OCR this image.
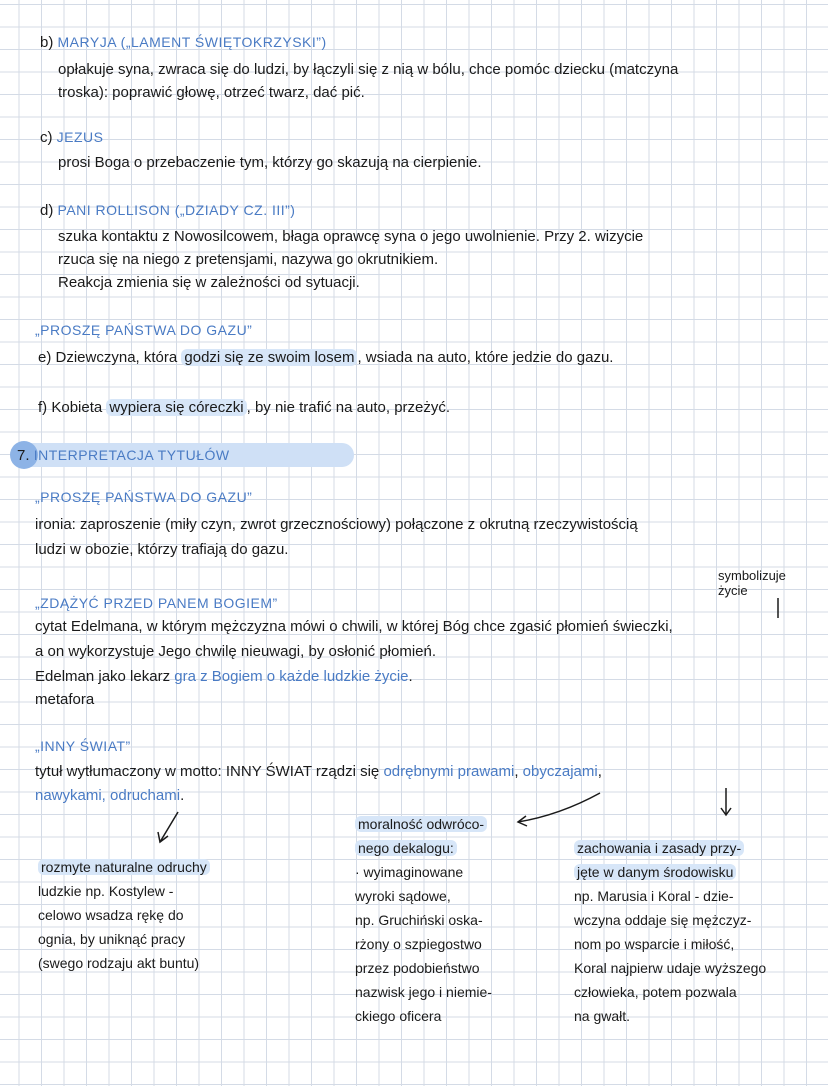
b) MARYJA („LAMENT ŚWIĘTOKRZYSKI”)
opłakuje syna, zwraca się do ludzi, by łączyli się z nią w bólu, chce pomóc dziecku (matczyna
troska): poprawić głowę, otrzeć twarz, dać pić.
c) JEZUS
prosi Boga o przebaczenie tym, którzy go skazują na cierpienie.
d) PANI ROLLISON („DZIADY CZ. III”)
szuka kontaktu z Nowosilcowem, błaga oprawcę syna o jego uwolnienie. Przy 2. wizycie
rzuca się na niego z pretensjami, nazywa go okrutnikiem.
Reakcja zmienia się w zależności od sytuacji.
„PROSZĘ PAŃSTWA DO GAZU”
e) Dziewczyna, która godzi się ze swoim losem , wsiada na auto, które jedzie do gazu.
f) Kobieta wypiera się córeczki , by nie trafić na auto, przeżyć.
7. INTERPRETACJA TYTUŁÓW
„PROSZĘ PAŃSTWA DO GAZU”
ironia: zaproszenie (miły czyn, zwrot grzecznościowy) połączone z okrutną rzeczywistością
ludzi w obozie, którzy trafiają do gazu.
symbolizuje
życie
„ZDĄŻYĆ PRZED PANEM BOGIEM”
cytat Edelmana, w którym mężczyzna mówi o chwili, w której Bóg chce zgasić płomień świeczki,
a on wykorzystuje Jego chwilę nieuwagi, by osłonić płomień.
Edelman jako lekarz gra z Bogiem o każde ludzkie życie.
metafora
„INNY ŚWIAT”
tytuł wytłumaczony w motto: INNY ŚWIAT rządzi się odrębnymi prawami, obyczajami,
nawykami, odruchami.
rozmyte naturalne odruchy
ludzkie np. Kostylew -
celowo wsadza rękę do
ognia, by uniknąć pracy
(swego rodzaju akt buntu)
moralność odwróco-
nego dekalogu:
· wyimaginowane
wyroki sądowe,
np. Gruchiński oska-
rżony o szpiegostwo
przez podobieństwo
nazwisk jego i niemie-
ckiego oficera
zachowania i zasady przy-
jęte w danym środowisku
np. Marusia i Koral - dzie-
wczyna oddaje się mężczyz-
nom po wsparcie i miłość,
Koral najpierw udaje wyższego
człowieka, potem pozwala
na gwałt.
